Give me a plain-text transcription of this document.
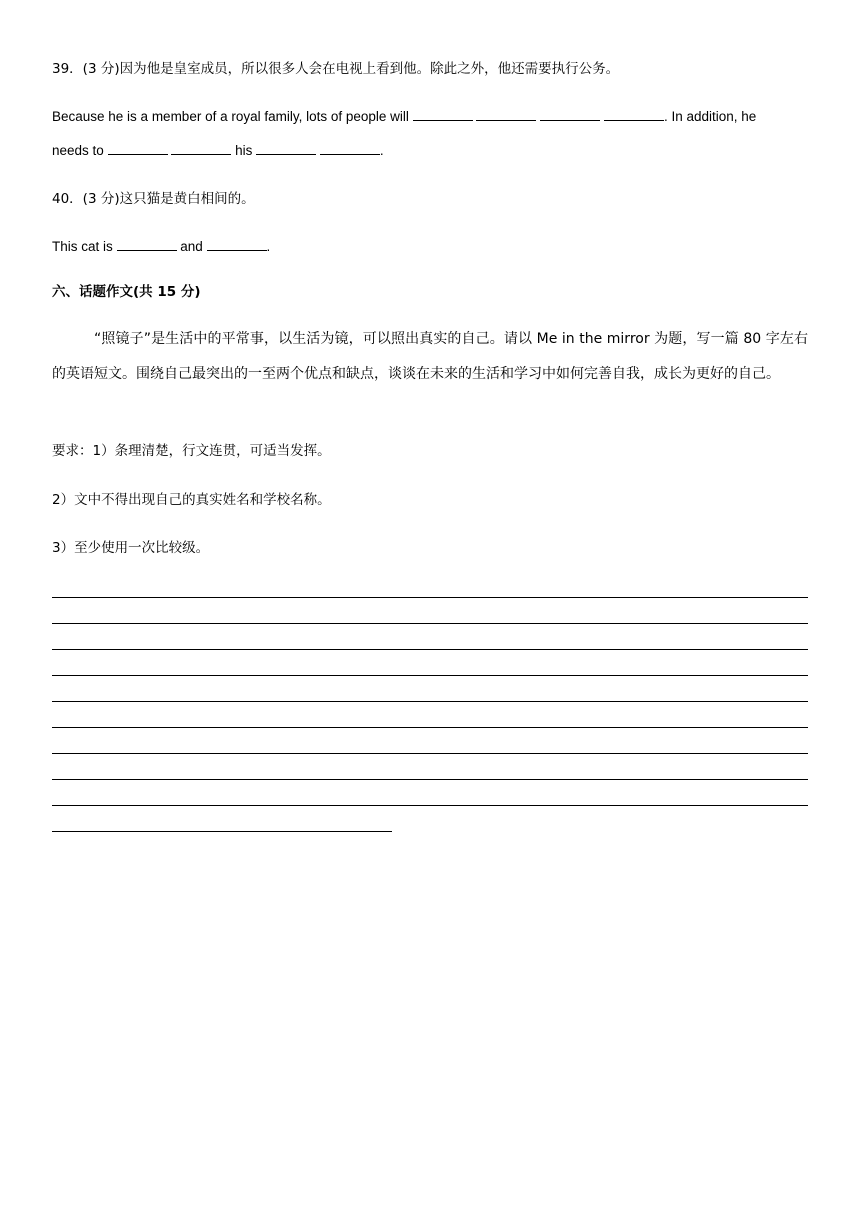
39．(3 分)因为他是皇室成员，所以很多人会在电视上看到他。除此之外，他还需要执行公务。
Because he is a member of a royal family, lots of people will	. In addition, he
needs to	his	.
40．(3 分)这只猫是黄白相间的。
This cat is	and	.
六、话题作文(共 15 分)
“照镜子”是生活中的平常事，以生活为镜，可以照出真实的自己。请以 Me in the mirror 为题，写一篇 80 字左右的英语短文。围绕自己最突出的一至两个优点和缺点，谈谈在未来的生活和学习中如何完善自我，成长为更好的自己。
要求：1）条理清楚，行文连贯，可适当发挥。
2）文中不得出现自己的真实姓名和学校名称。
3）至少使用一次比较级。
